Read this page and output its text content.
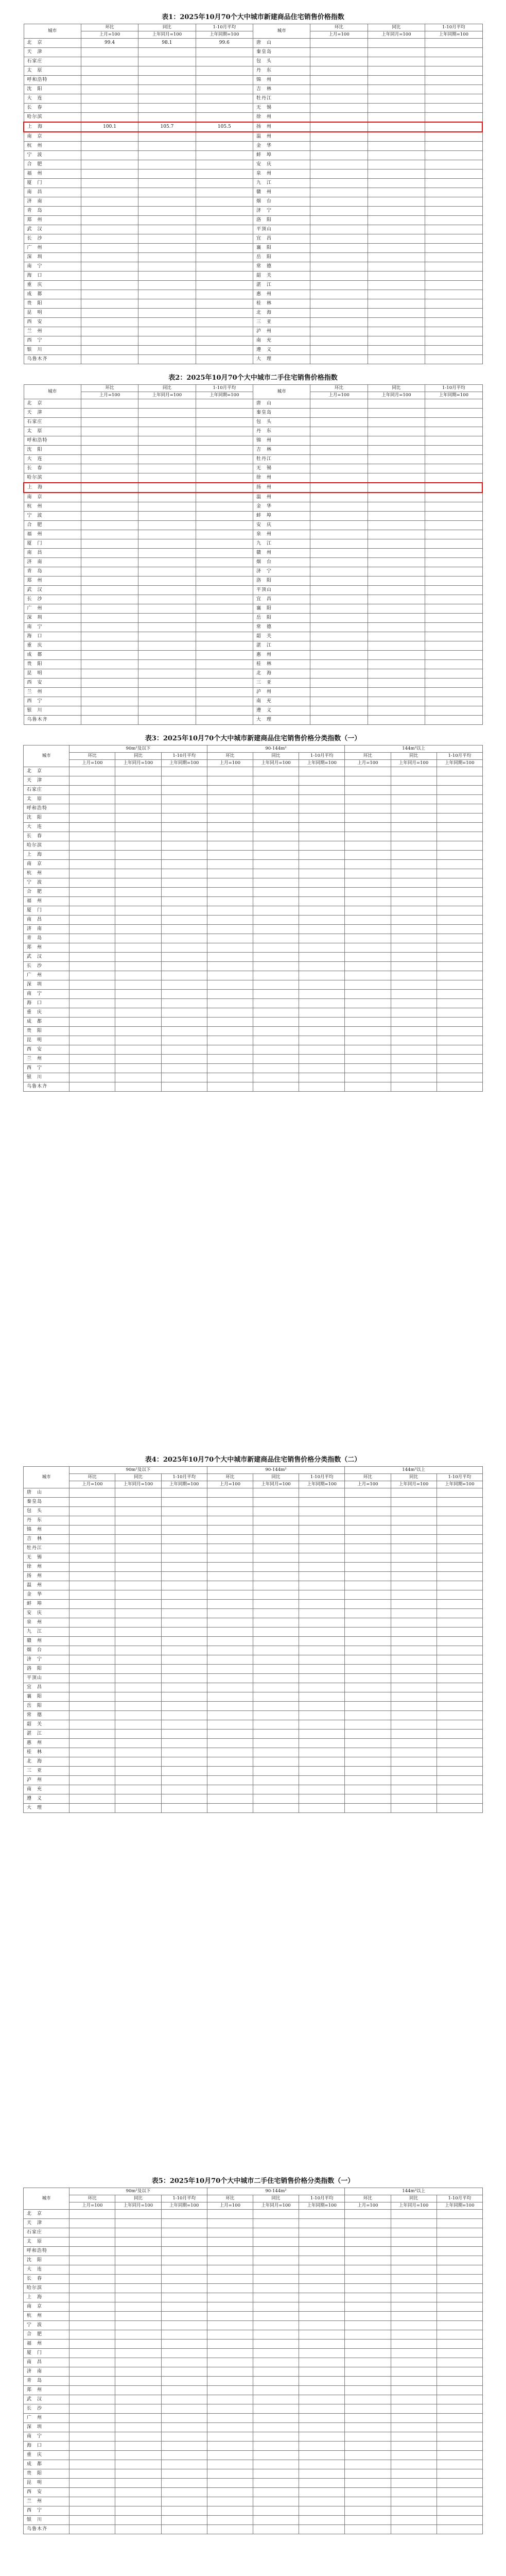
表1：2025年10月70个大中城市新建商品住宅销售价格指数
城市	环比	同比	1-10月平均	城市	环比	同比	1-10月平均
	上月=100	上年同月=100	上年同期=100		上月=100	上年同月=100	上年同期=100
北　京	99.4	98.1	99.6	唐　山			
天　津				秦皇岛			
石家庄				包　头			
太　原				丹　东			
呼和浩特				锦　州			
沈　阳				吉　林			
大　连				牡丹江			
长　春				无　锡			
哈尔滨				徐　州			
上　海	100.1	105.7	105.5	扬　州			
南　京				温　州			
杭　州				金　华			
宁　波				蚌　埠			
合　肥				安　庆			
福　州				泉　州			
厦　门				九　江			
南　昌				赣　州			
济　南				烟　台			
青　岛				济　宁			
郑　州				洛　阳			
武　汉				平顶山			
长　沙				宜　昌			
广　州				襄　阳			
深　圳				岳　阳			
南　宁				常　德			
海　口				韶　关			
重　庆				湛　江			
成　都				惠　州			
贵　阳				桂　林			
昆　明				北　海			
西　安				三　亚			
兰　州				泸　州			
西　宁				南　充			
银　川				遵　义			
乌鲁木齐				大　理			
表2：2025年10月70个大中城市二手住宅销售价格指数
城市	环比	同比	1-10月平均	城市	环比	同比	1-10月平均
	上月=100	上年同月=100	上年同期=100		上月=100	上年同月=100	上年同期=100
北　京				唐　山			
天　津				秦皇岛			
石家庄				包　头			
太　原				丹　东			
呼和浩特				锦　州			
沈　阳				吉　林			
大　连				牡丹江			
长　春				无　锡			
哈尔滨				徐　州			
上　海				扬　州			
南　京				温　州			
杭　州				金　华			
宁　波				蚌　埠			
合　肥				安　庆			
福　州				泉　州			
厦　门				九　江			
南　昌				赣　州			
济　南				烟　台			
青　岛				济　宁			
郑　州				洛　阳			
武　汉				平顶山			
长　沙				宜　昌			
广　州				襄　阳			
深　圳				岳　阳			
南　宁				常　德			
海　口				韶　关			
重　庆				湛　江			
成　都				惠　州			
贵　阳				桂　林			
昆　明				北　海			
西　安				三　亚			
兰　州				泸　州			
西　宁				南　充			
银　川				遵　义			
乌鲁木齐				大　理			
表3：2025年10月70个大中城市新建商品住宅销售价格分类指数（一）
城市	90m²及以下			90-144m²			144m²以上		
	环比	同比	1-10月平均	环比	同比	1-10月平均	环比	同比	1-10月平均
	上月=100	上年同月=100	上年同期=100	上月=100	上年同月=100	上年同期=100	上月=100	上年同月=100	上年同期=100
北　京									
天　津									
石家庄									
太　原									
呼和浩特									
沈　阳									
大　连									
长　春									
哈尔滨									
上　海									
南　京									
杭　州									
宁　波									
合　肥									
福　州									
厦　门									
南　昌									
济　南									
青　岛									
郑　州									
武　汉									
长　沙									
广　州									
深　圳									
南　宁									
海　口									
重　庆									
成　都									
贵　阳									
昆　明									
西　安									
兰　州									
西　宁									
银　川									
乌鲁木齐									
表4：2025年10月70个大中城市新建商品住宅销售价格分类指数（二）
城市	90m²及以下			90-144m²			144m²以上		
	环比	同比	1-10月平均	环比	同比	1-10月平均	环比	同比	1-10月平均
	上月=100	上年同月=100	上年同期=100	上月=100	上年同月=100	上年同期=100	上月=100	上年同月=100	上年同期=100
唐　山									
秦皇岛									
包　头									
丹　东									
锦　州									
吉　林									
牡丹江									
无　锡									
徐　州									
扬　州									
温　州									
金　华									
蚌　埠									
安　庆									
泉　州									
九　江									
赣　州									
烟　台									
济　宁									
洛　阳									
平顶山									
宜　昌									
襄　阳									
岳　阳									
常　德									
韶　关									
湛　江									
惠　州									
桂　林									
北　海									
三　亚									
泸　州									
南　充									
遵　义									
大　理									
表5：2025年10月70个大中城市二手住宅销售价格分类指数（一）
城市	90m²及以下			90-144m²			144m²以上		
	环比	同比	1-10月平均	环比	同比	1-10月平均	环比	同比	1-10月平均
	上月=100	上年同月=100	上年同期=100	上月=100	上年同月=100	上年同期=100	上月=100	上年同月=100	上年同期=100
北　京									
天　津									
石家庄									
太　原									
呼和浩特									
沈　阳									
大　连									
长　春									
哈尔滨									
上　海									
南　京									
杭　州									
宁　波									
合　肥									
福　州									
厦　门									
南　昌									
济　南									
青　岛									
郑　州									
武　汉									
长　沙									
广　州									
深　圳									
南　宁									
海　口									
重　庆									
成　都									
贵　阳									
昆　明									
西　安									
兰　州									
西　宁									
银　川									
乌鲁木齐									
